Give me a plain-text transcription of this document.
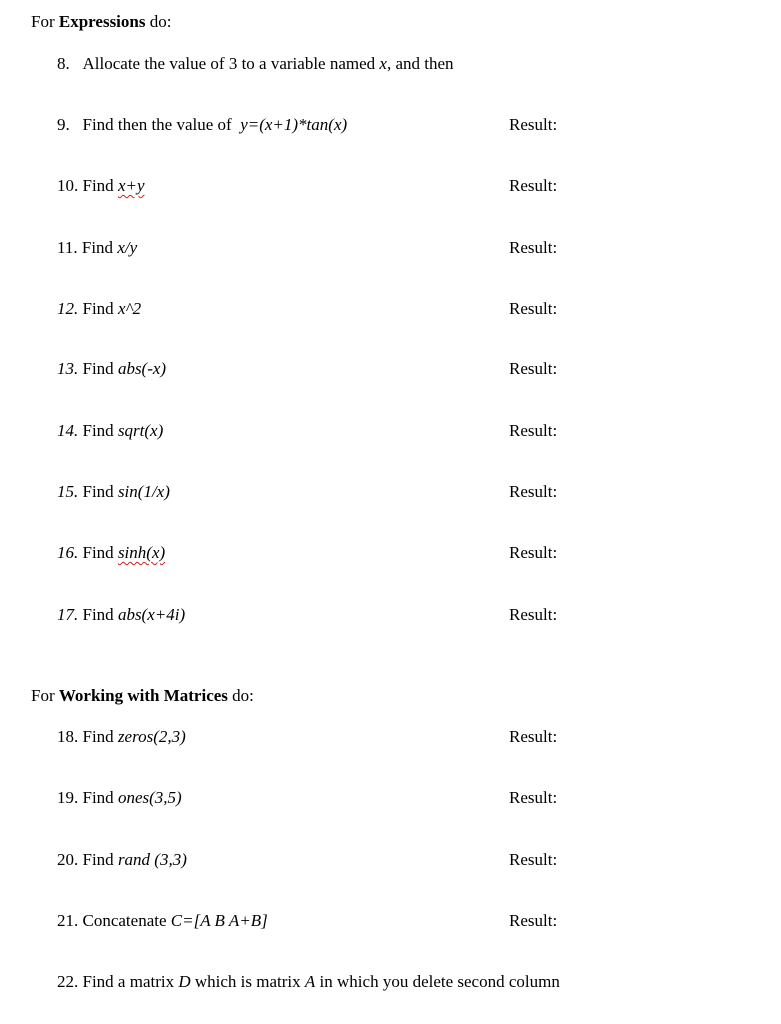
For Expressions do:
8. Allocate the value of 3 to a variable named x, and then
9. Find then the value of  y=(x+1)*tan(x)	Result:
10. Find x+y	Result:
11. Find x/y	Result:
12. Find x^2	Result:
13. Find abs(-x)	Result:
14. Find sqrt(x)	Result:
15. Find sin(1/x)	Result:
16. Find sinh(x)	Result:
17. Find abs(x+4i)	Result:
For Working with Matrices do:
18. Find zeros(2,3)	Result:
19. Find ones(3,5)	Result:
20. Find rand (3,3)	Result:
21. Concatenate C=[A B A+B]	Result:
22. Find a matrix D which is matrix A in which you delete second column
